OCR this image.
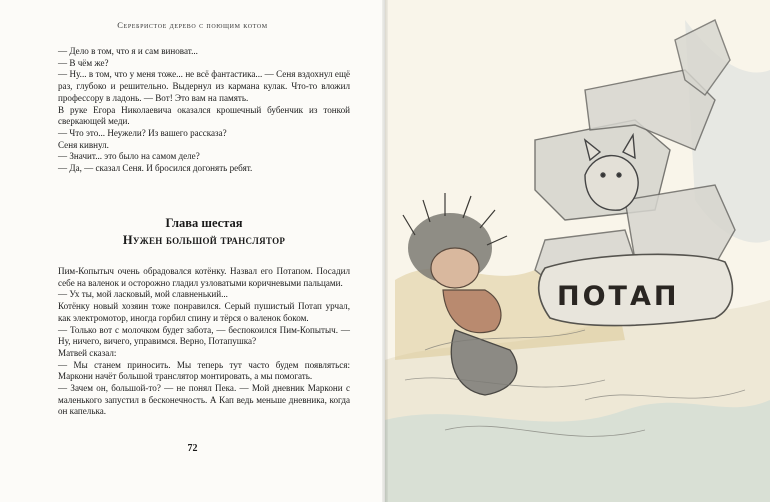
Серебристое дерево с поющим котом

— Дело в том, что я и сам виноват...

— В чём же?

— Ну... в том, что у меня тоже... не всё фантастика... — Сеня вздохнул ещё раз, глубоко и решительно. Выдернул из кармана кулак. Что-то вложил профессору в ладонь. — Вот! Это вам на память.

В руке Егора Николаевича оказался крошечный бубенчик из тонкой сверкающей меди.

— Что это... Неужели? Из вашего рассказа?

Сеня кивнул.

— Значит... это было на самом деле?

— Да, — сказал Сеня. И бросился догонять ребят.

Глава шестая
Нужен большой транслятор

Пим-Копытыч очень обрадовался котёнку. Назвал его Потапом. Посадил себе на валенок и осторожно гладил узловатыми коричневыми пальцами.

— Ух ты, мой ласковый, мой славненький...

Котёнку новый хозяин тоже понравился. Серый пушистый Потап урчал, как электромотор, иногда горбил спину и тёрся о валенок боком.

— Только вот с молочком будет забота, — беспокоился Пим-Копытыч. — Ну, ничего, вичего, управимся. Верно, Потапушка?

Матвей сказал:

— Мы станем приносить. Мы теперь тут часто будем появляться: Маркони начёт большой транслятор монтировать, а мы помогать.

— Зачем он, большой-то? — не понял Пека. — Мой дневник Маркони с маленького запустил в бесконечность. А Кап ведь меньше дневника, когда он капелька.

72
ПОТАП
